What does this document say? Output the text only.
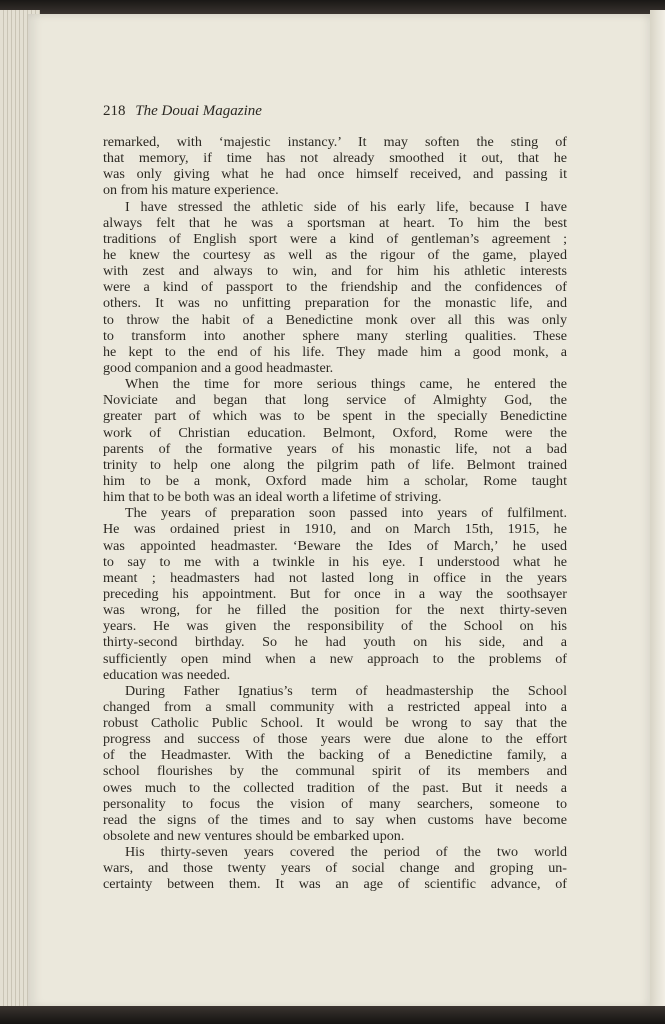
218 The Douai Magazine
remarked, with ‘majestic instancy.’ It may soften the sting of
that memory, if time has not already smoothed it out, that he
was only giving what he had once himself received, and passing it
on from his mature experience.
I have stressed the athletic side of his early life, because I have
always felt that he was a sportsman at heart. To him the best
traditions of English sport were a kind of gentleman’s agreement ;
he knew the courtesy as well as the rigour of the game, played
with zest and always to win, and for him his athletic interests
were a kind of passport to the friendship and the confidences of
others. It was no unfitting preparation for the monastic life, and
to throw the habit of a Benedictine monk over all this was only
to transform into another sphere many sterling qualities. These
he kept to the end of his life. They made him a good monk, a
good companion and a good headmaster.
When the time for more serious things came, he entered the
Noviciate and began that long service of Almighty God, the
greater part of which was to be spent in the specially Benedictine
work of Christian education. Belmont, Oxford, Rome were the
parents of the formative years of his monastic life, not a bad
trinity to help one along the pilgrim path of life. Belmont trained
him to be a monk, Oxford made him a scholar, Rome taught
him that to be both was an ideal worth a lifetime of striving.
The years of preparation soon passed into years of fulfilment.
He was ordained priest in 1910, and on March 15th, 1915, he
was appointed headmaster. ‘Beware the Ides of March,’ he used
to say to me with a twinkle in his eye. I understood what he
meant ; headmasters had not lasted long in office in the years
preceding his appointment. But for once in a way the soothsayer
was wrong, for he filled the position for the next thirty-seven
years. He was given the responsibility of the School on his
thirty-second birthday. So he had youth on his side, and a
sufficiently open mind when a new approach to the problems of
education was needed.
During Father Ignatius’s term of headmastership the School
changed from a small community with a restricted appeal into a
robust Catholic Public School. It would be wrong to say that the
progress and success of those years were due alone to the effort
of the Headmaster. With the backing of a Benedictine family, a
school flourishes by the communal spirit of its members and
owes much to the collected tradition of the past. But it needs a
personality to focus the vision of many searchers, someone to
read the signs of the times and to say when customs have become
obsolete and new ventures should be embarked upon.
His thirty-seven years covered the period of the two world
wars, and those twenty years of social change and groping un-
certainty between them. It was an age of scientific advance, of
